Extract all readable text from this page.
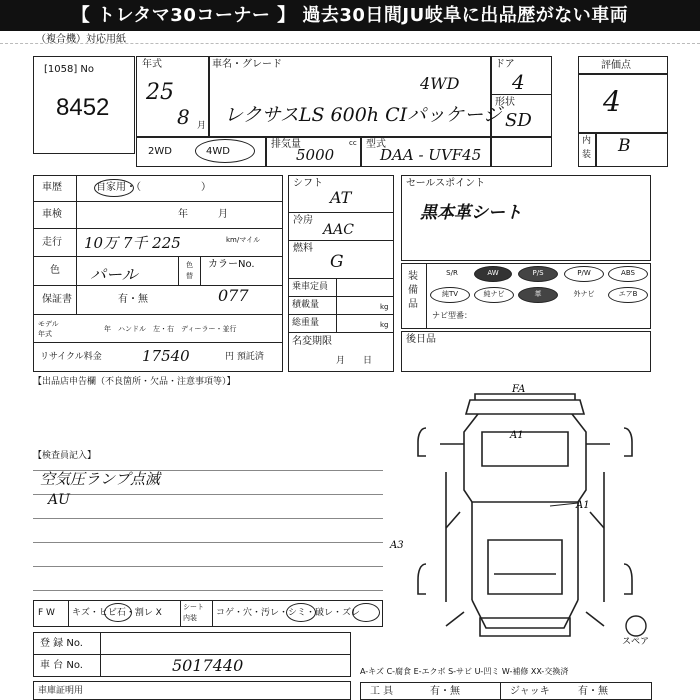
【 トレタマ30コーナー 】 過去30日間JU岐阜に出品歴がない車両
（複合機）対応用紙
[1058] No
8452
年式
25
8 月
車名・グレード
4WD
レクサスLS 600h CIパッケージ
ドア
4
形状
SD
2WD	4WD
排気量
5000
cc 型式
DAA - UVF45
評価点
4
内
装 B
車歴	自家用・（　　　　　　）
車検	年　　　月
走行 10万 7千 225	km/マイル
色 パール	色
替
カラーNo.
077
保証書	有・無
モデル
年式
年　ハンドル　左・右　ディーラー・並行
リサイクル料金	17540	円 預託済
シフト
AT
冷房
AAC
燃料
G
乗車定員
積載量	kg
総重量	kg
名変期限
月　　日
セールスポイント
黒本革シート
装備品
S/R	AW	P/S	P/W	ABS
純TV	純ナビ	革	外ナビ	エアB
ナビ型番：
後日品
【出品店申告欄（不良箇所・欠品・注意事項等）】
【検査員記入】
空気圧ランプ点滅
AU
F W キズ・ヒビ石・割レ X
シート
内装 コゲ・穴・汚レ・シミ・破レ・ズレ
登 録 No.
車 台 No.	5017440
車庫証明用
A-キズ C-腐食 E-エクボ S-サビ U-凹ミ W-補修 XX-交換済
工 具	有・無	ジャッキ	有・無
FA
A1
A1
A3
スペア
